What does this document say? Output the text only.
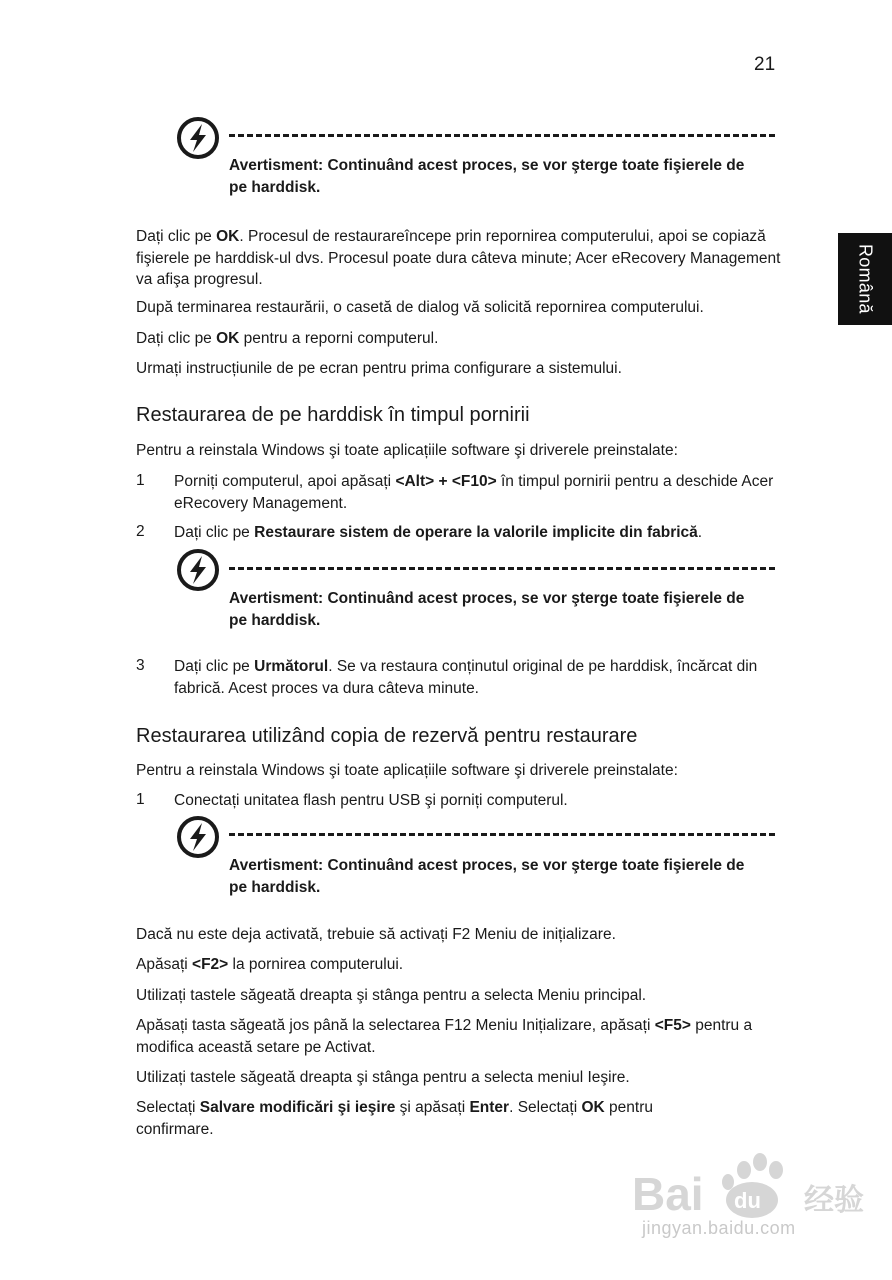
21
Română
Avertisment: Continuând acest proces, se vor şterge toate fişierele de pe harddisk.
Dați clic pe OK. Procesul de restaurareîncepe prin repornirea computerului, apoi se copiază fişierele pe harddisk-ul dvs. Procesul poate dura câteva minute; Acer eRecovery Management va afişa progresul.
După terminarea restaurării, o casetă de dialog vă solicită repornirea computerului.
Dați clic pe OK pentru a reporni computerul.
Urmați instrucțiunile de pe ecran pentru prima configurare a sistemului.
Restaurarea de pe harddisk în timpul pornirii
Pentru a reinstala Windows şi toate aplicațiile software şi driverele preinstalate:
1 Porniți computerul, apoi apăsați <Alt> + <F10> în timpul pornirii pentru a deschide Acer eRecovery Management.
2 Dați clic pe Restaurare sistem de operare la valorile implicite din fabrică.
Avertisment: Continuând acest proces, se vor şterge toate fişierele de pe harddisk.
3 Dați clic pe Următorul. Se va restaura conținutul original de pe harddisk, încărcat din fabrică. Acest proces va dura câteva minute.
Restaurarea utilizând copia de rezervă pentru restaurare
Pentru a reinstala Windows şi toate aplicațiile software şi driverele preinstalate:
1 Conectați unitatea flash pentru USB şi porniți computerul.
Avertisment: Continuând acest proces, se vor şterge toate fişierele de pe harddisk.
Dacă nu este deja activată, trebuie să activați F2 Meniu de inițializare.
Apăsați <F2> la pornirea computerului.
Utilizați tastele săgeată dreapta şi stânga pentru a selecta Meniu principal.
Apăsați tasta săgeată jos până la selectarea F12 Meniu Inițializare, apăsați <F5> pentru a modifica această setare pe Activat.
Utilizați tastele săgeată dreapta şi stânga pentru a selecta meniul Ieşire.
Selectați Salvare modificări şi ieşire şi apăsați Enter. Selectați OK pentru confirmare.
Bai	经验
du
jingyan.baidu.com
